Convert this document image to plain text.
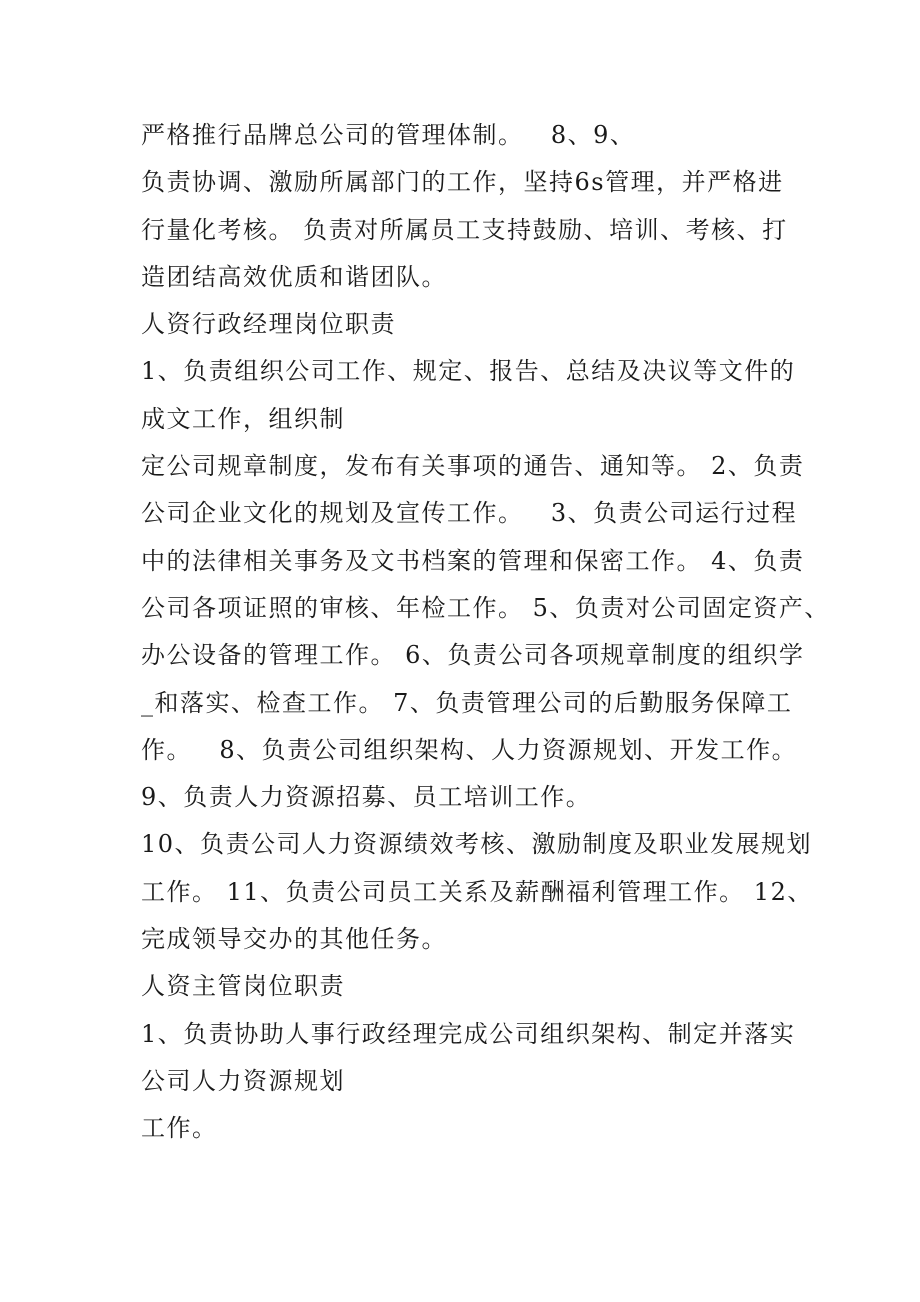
严格推行品牌总公司的管理体制。   8、9、
负责协调、激励所属部门的工作，坚持6s管理，并严格进
行量化考核。 负责对所属员工支持鼓励、培训、考核、打
造团结高效优质和谐团队。
人资行政经理岗位职责
1、负责组织公司工作、规定、报告、总结及决议等文件的
成文工作，组织制
定公司规章制度，发布有关事项的通告、通知等。 2、负责
公司企业文化的规划及宣传工作。   3、负责公司运行过程
中的法律相关事务及文书档案的管理和保密工作。 4、负责
公司各项证照的审核、年检工作。 5、负责对公司固定资产、
办公设备的管理工作。 6、负责公司各项规章制度的组织学
_和落实、检查工作。 7、负责管理公司的后勤服务保障工
作。   8、负责公司组织架构、人力资源规划、开发工作。
9、负责人力资源招募、员工培训工作。
10、负责公司人力资源绩效考核、激励制度及职业发展规划
工作。 11、负责公司员工关系及薪酬福利管理工作。 12、
完成领导交办的其他任务。
人资主管岗位职责
1、负责协助人事行政经理完成公司组织架构、制定并落实
公司人力资源规划
工作。
